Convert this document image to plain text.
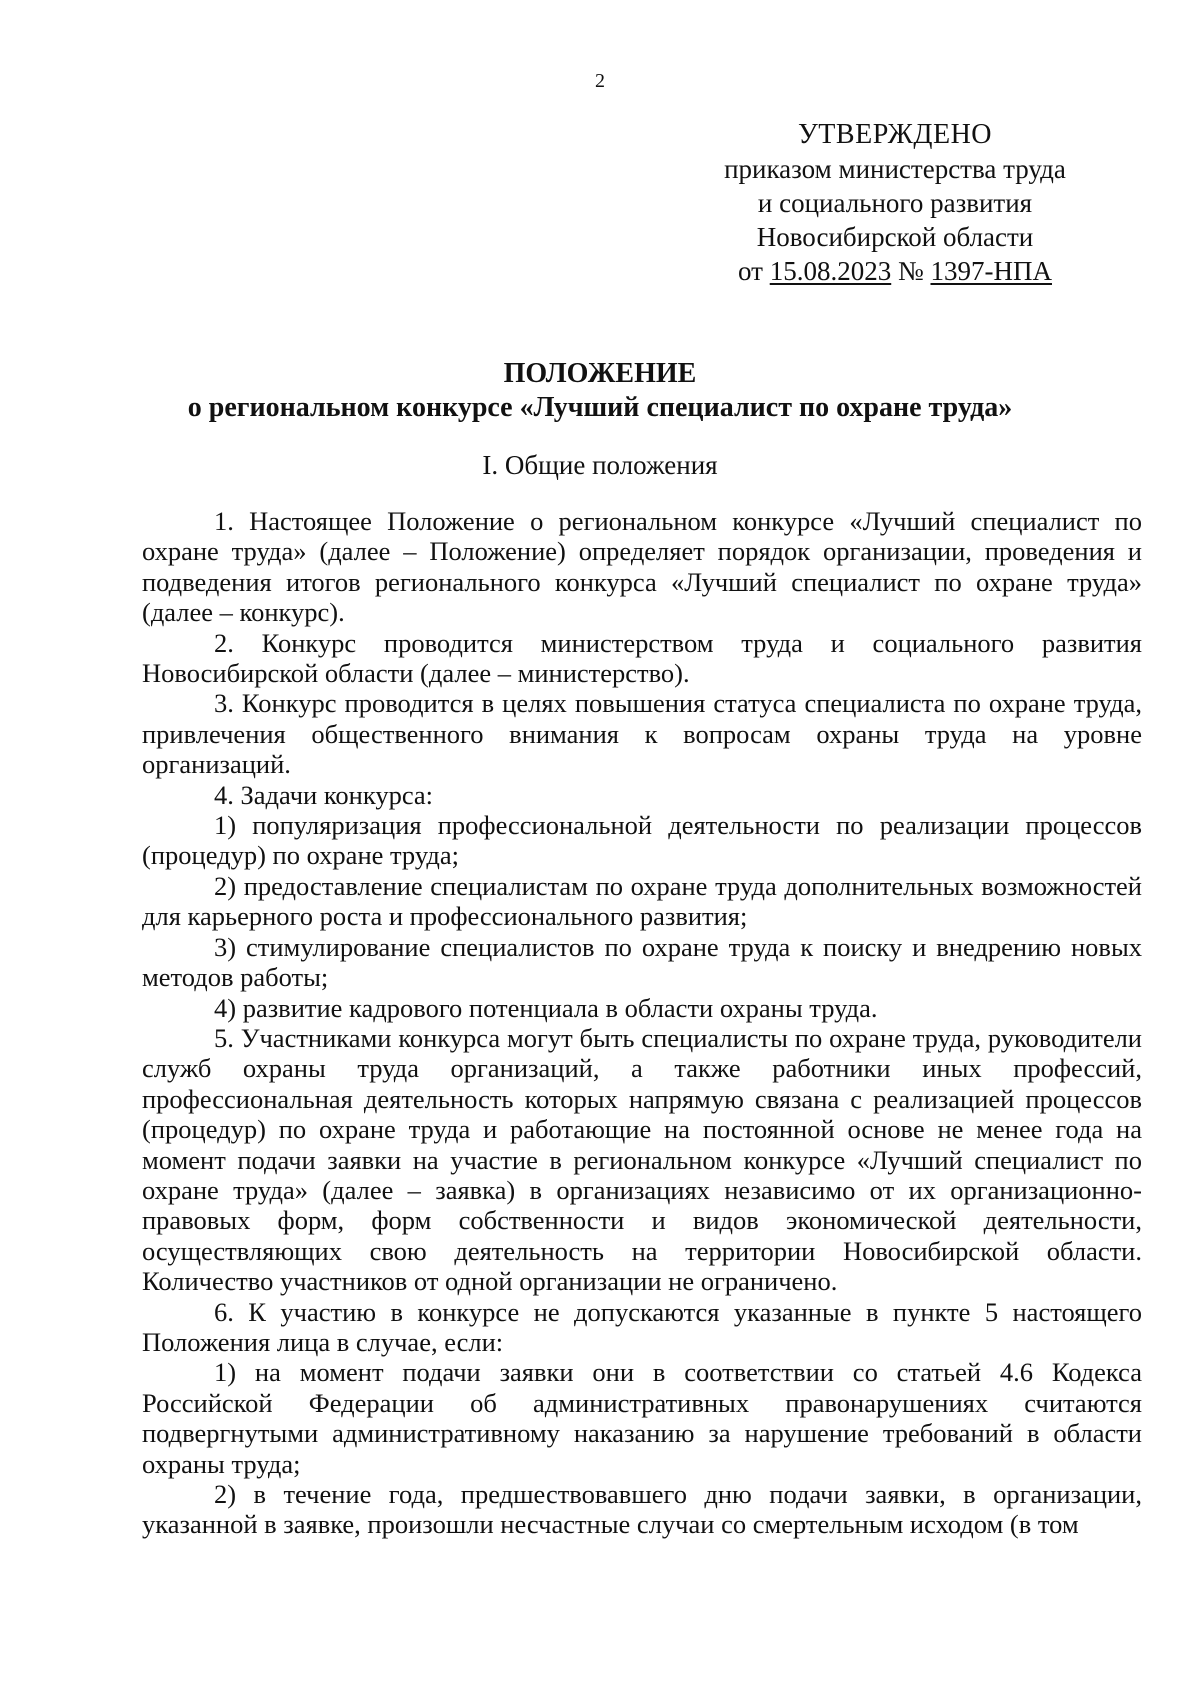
2
УТВЕРЖДЕНО
приказом министерства труда
и социального развития
Новосибирской области
от 15.08.2023 № 1397-НПА
ПОЛОЖЕНИЕ
о региональном конкурсе «Лучший специалист по охране труда»
I. Общие положения

1. Настоящее Положение о региональном конкурсе «Лучший специалист по охране труда» (далее – Положение) определяет порядок организации, проведения и подведения итогов регионального конкурса «Лучший специалист по охране труда» (далее – конкурс).

2. Конкурс проводится министерством труда и социального развития Новосибирской области (далее – министерство).

3. Конкурс проводится в целях повышения статуса специалиста по охране труда, привлечения общественного внимания к вопросам охраны труда на уровне организаций.

4. Задачи конкурса:

1) популяризация профессиональной деятельности по реализации процессов (процедур) по охране труда;

2) предоставление специалистам по охране труда дополнительных возможностей для карьерного роста и профессионального развития;

3) стимулирование специалистов по охране труда к поиску и внедрению новых методов работы;

4) развитие кадрового потенциала в области охраны труда.

5. Участниками конкурса могут быть специалисты по охране труда, руководители служб охраны труда организаций, а также работники иных профессий, профессиональная деятельность которых напрямую связана с реализацией процессов (процедур) по охране труда и работающие на постоянной основе не менее года на момент подачи заявки на участие в региональном конкурсе «Лучший специалист по охране труда» (далее – заявка) в организациях независимо от их организационно-правовых форм, форм собственности и видов экономической деятельности, осуществляющих свою деятельность на территории Новосибирской области. Количество участников от одной организации не ограничено.

6. К участию в конкурсе не допускаются указанные в пункте 5 настоящего Положения лица в случае, если:

1) на момент подачи заявки они в соответствии со статьей 4.6 Кодекса Российской Федерации об административных правонарушениях считаются подвергнутыми административному наказанию за нарушение требований в области охраны труда;

2) в течение года, предшествовавшего дню подачи заявки, в организации, указанной в заявке, произошли несчастные случаи со смертельным исходом (в том
